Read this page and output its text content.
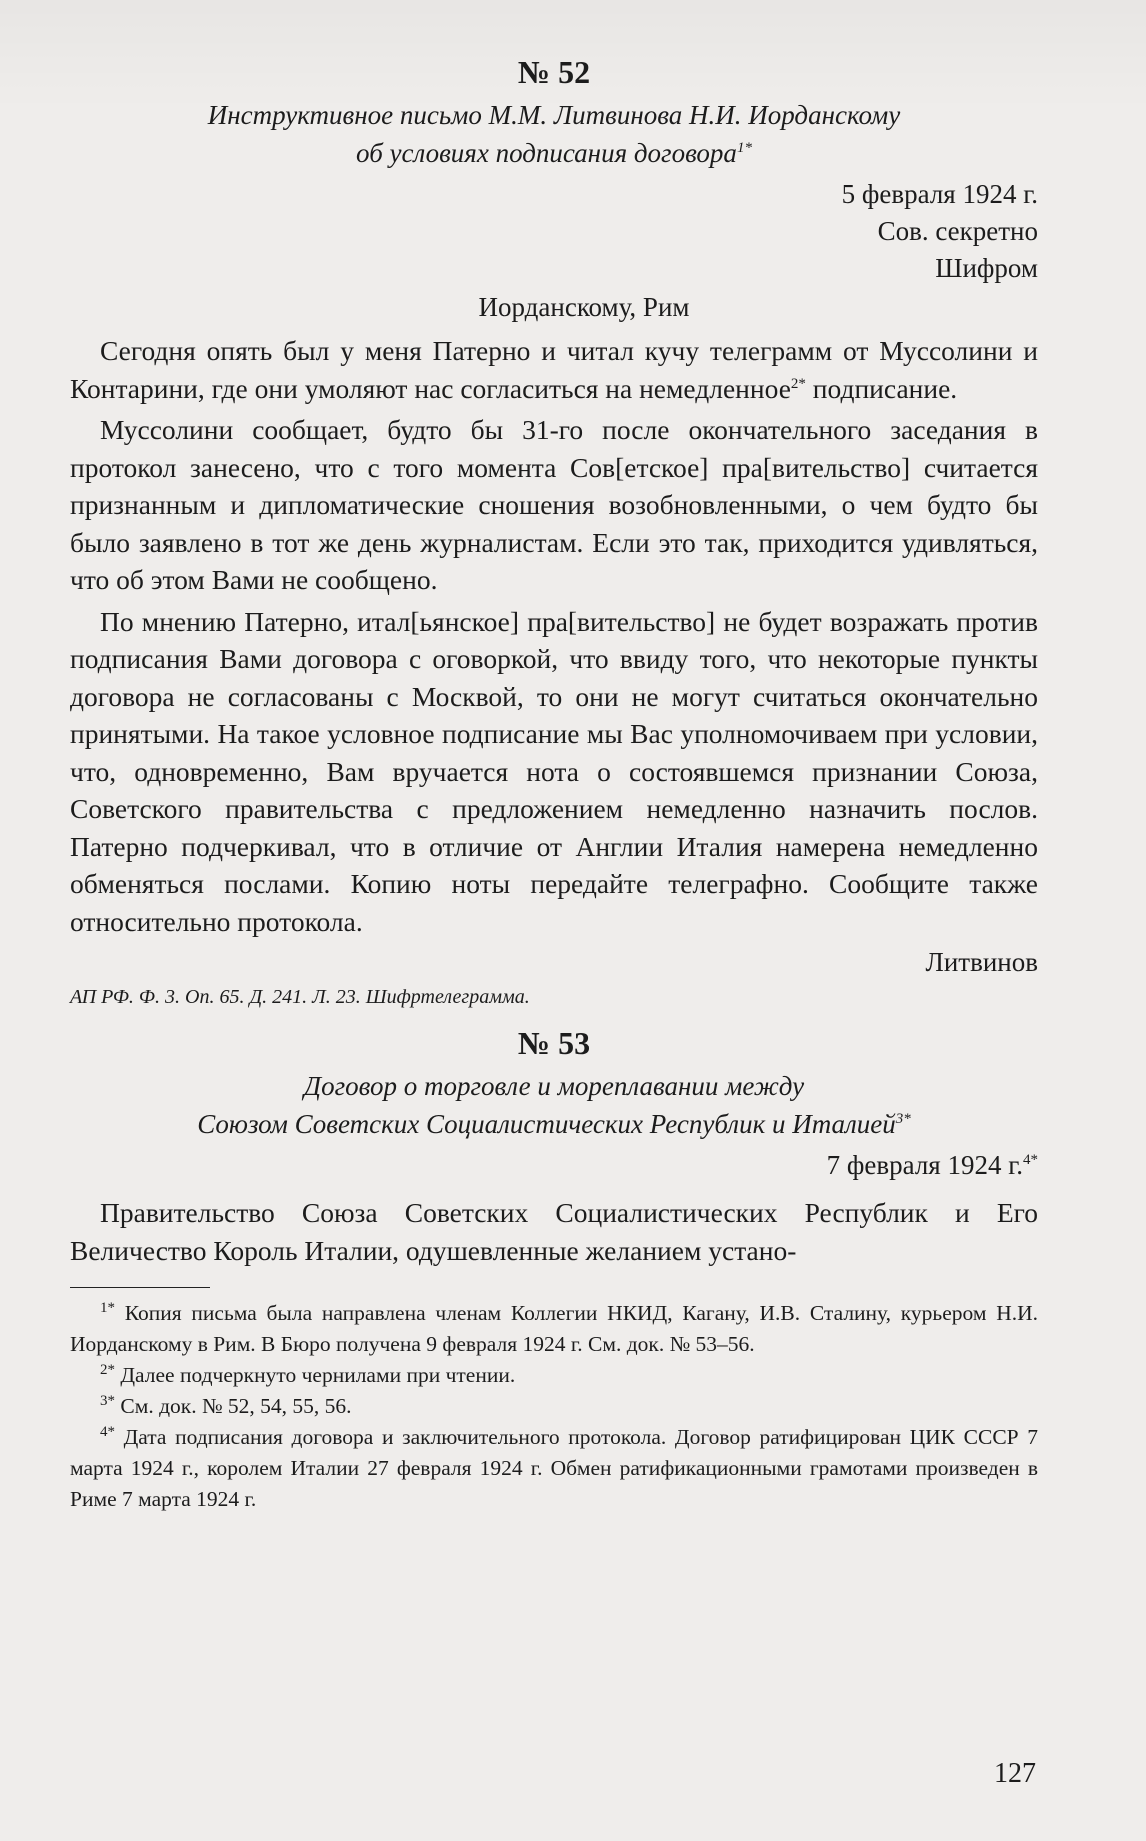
№ 52
Инструктивное письмо М.М. Литвинова Н.И. Иорданскому
об условиях подписания договора$^{1*}$
5 февраля 1924 г.
Сов. секретно
Шифром
Иорданскому, Рим

Сегодня опять был у меня Патерно и читал кучу телеграмм от Муссолини и Контарини, где они умоляют нас согласиться на немедленное$^{2*}$ подписание.

Муссолини сообщает, будто бы 31-го после окончательного заседания в протокол занесено, что с того момента Сов[етское] пра[вительство] считается признанным и дипломатические сношения возобновленными, о чем будто бы было заявлено в тот же день журналистам. Если это так, приходится удивляться, что об этом Вами не сообщено.

По мнению Патерно, итал[ьянское] пра[вительство] не будет возражать против подписания Вами договора с оговоркой, что ввиду того, что некоторые пункты договора не согласованы с Москвой, то они не могут считаться окончательно принятыми. На такое условное подписание мы Вас уполномочиваем при условии, что, одновременно, Вам вручается нота о состоявшемся признании Союза, Советского правительства с предложением немедленно назначить послов. Патерно подчеркивал, что в отличие от Англии Италия намерена немедленно обменяться послами. Копию ноты передайте телеграфно. Сообщите также относительно протокола.

Литвинов
АП РФ. Ф. 3. Оп. 65. Д. 241. Л. 23. Шифртелеграмма.
№ 53
Договор о торговле и мореплавании между
Союзом Советских Социалистических Республик и Италией$^{3*}$
7 февраля 1924 г.$^{4*}$

Правительство Союза Советских Социалистических Республик и Его Величество Король Италии, одушевленные желанием устано-

$^{1*}$ Копия письма была направлена членам Коллегии НКИД, Кагану, И.В. Сталину, курьером Н.И. Иорданскому в Рим. В Бюро получена 9 февраля 1924 г. См. док. № 53–56.

$^{2*}$ Далее подчеркнуто чернилами при чтении.

$^{3*}$ См. док. № 52, 54, 55, 56.

$^{4*}$ Дата подписания договора и заключительного протокола. Договор ратифицирован ЦИК СССР 7 марта 1924 г., королем Италии 27 февраля 1924 г. Обмен ратификационными грамотами произведен в Риме 7 марта 1924 г.

127
